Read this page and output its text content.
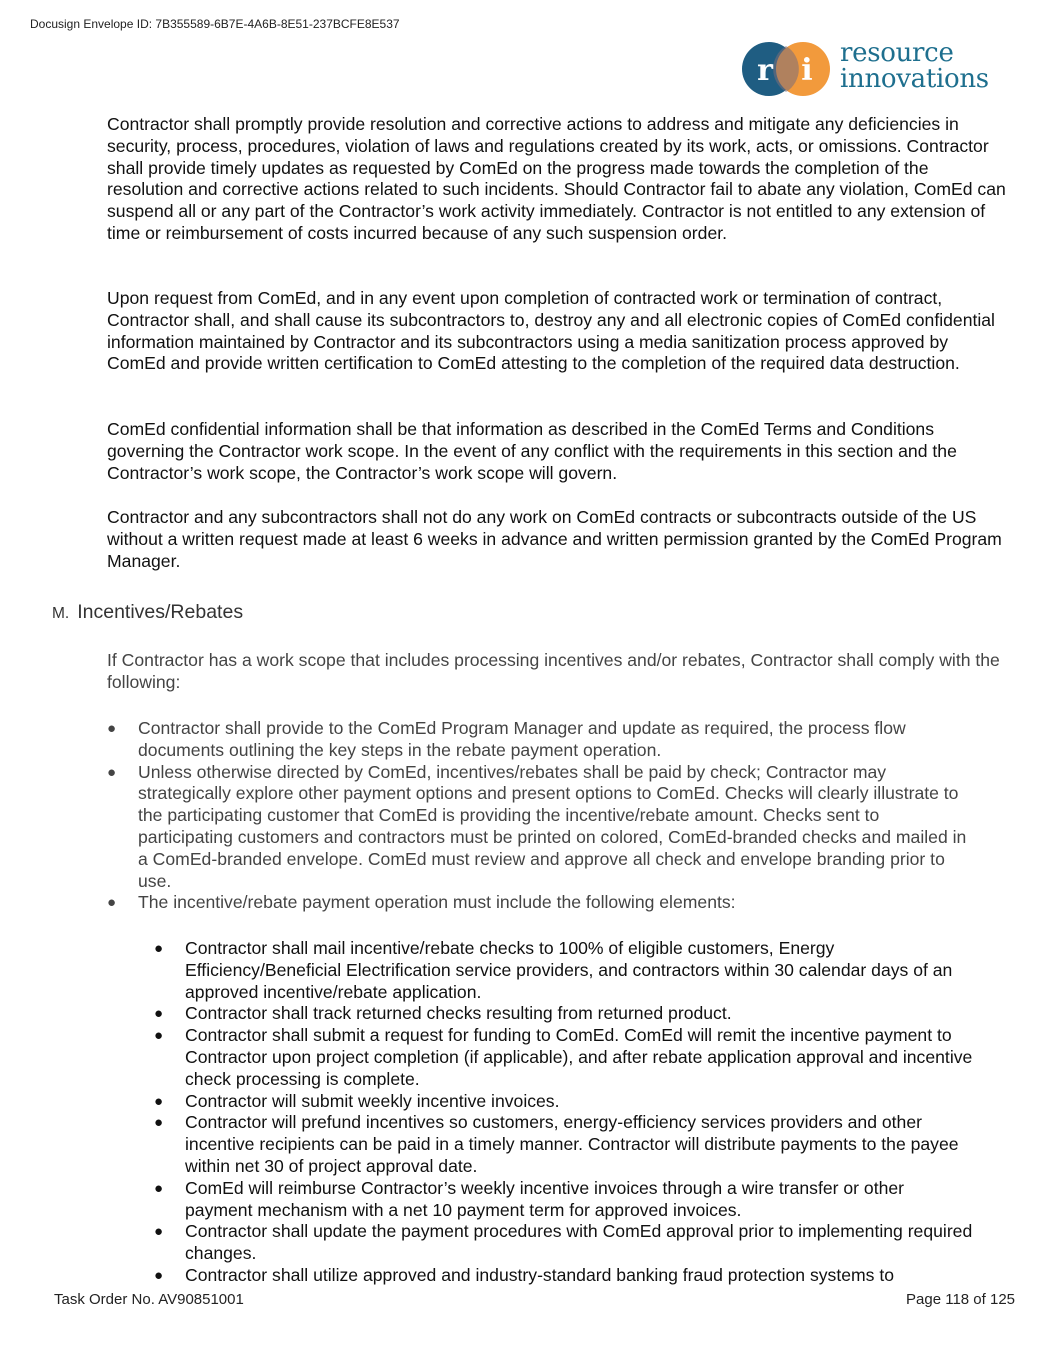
Docusign Envelope ID: 7B355589-6B7E-4A6B-8E51-237BCFE8E537
r i resource
innovations

Contractor shall promptly provide resolution and corrective actions to address and mitigate any deficiencies in security, process, procedures, violation of laws and regulations created by its work, acts, or omissions. Contractor shall provide timely updates as requested by ComEd on the progress made towards the completion of the resolution and corrective actions related to such incidents. Should Contractor fail to abate any violation, ComEd can suspend all or any part of the Contractor’s work activity immediately. Contractor is not entitled to any extension of time or reimbursement of costs incurred because of any such suspension order.

Upon request from ComEd, and in any event upon completion of contracted work or termination of contract, Contractor shall, and shall cause its subcontractors to, destroy any and all electronic copies of ComEd confidential information maintained by Contractor and its subcontractors using a media sanitization process approved by ComEd and provide written certification to ComEd attesting to the completion of the required data destruction.

ComEd confidential information shall be that information as described in the ComEd Terms and Conditions governing the Contractor work scope. In the event of any conflict with the requirements in this section and the Contractor’s work scope, the Contractor’s work scope will govern.

Contractor and any subcontractors shall not do any work on ComEd contracts or subcontracts outside of the US without a written request made at least 6 weeks in advance and written permission granted by the ComEd Program Manager.

M. Incentives/Rebates

If Contractor has a work scope that includes processing incentives and/or rebates, Contractor shall comply with the following:

● Contractor shall provide to the ComEd Program Manager and update as required, the process flow documents outlining the key steps in the rebate payment operation.
● Unless otherwise directed by ComEd, incentives/rebates shall be paid by check; Contractor may strategically explore other payment options and present options to ComEd. Checks will clearly illustrate to the participating customer that ComEd is providing the incentive/rebate amount. Checks sent to participating customers and contractors must be printed on colored, ComEd-branded checks and mailed in a ComEd-branded envelope. ComEd must review and approve all check and envelope branding prior to use.
● The incentive/rebate payment operation must include the following elements:
● Contractor shall mail incentive/rebate checks to 100% of eligible customers, Energy Efficiency/Beneficial Electrification service providers, and contractors within 30 calendar days of an approved incentive/rebate application.
● Contractor shall track returned checks resulting from returned product.
● Contractor shall submit a request for funding to ComEd. ComEd will remit the incentive payment to Contractor upon project completion (if applicable), and after rebate application approval and incentive check processing is complete.
● Contractor will submit weekly incentive invoices.
● Contractor will prefund incentives so customers, energy-efficiency services providers and other incentive recipients can be paid in a timely manner. Contractor will distribute payments to the payee within net 30 of project approval date.
● ComEd will reimburse Contractor’s weekly incentive invoices through a wire transfer or other payment mechanism with a net 10 payment term for approved invoices.
● Contractor shall update the payment procedures with ComEd approval prior to implementing required changes.
● Contractor shall utilize approved and industry-standard banking fraud protection systems to
Task Order No. AV90851001	Page 118 of 125
